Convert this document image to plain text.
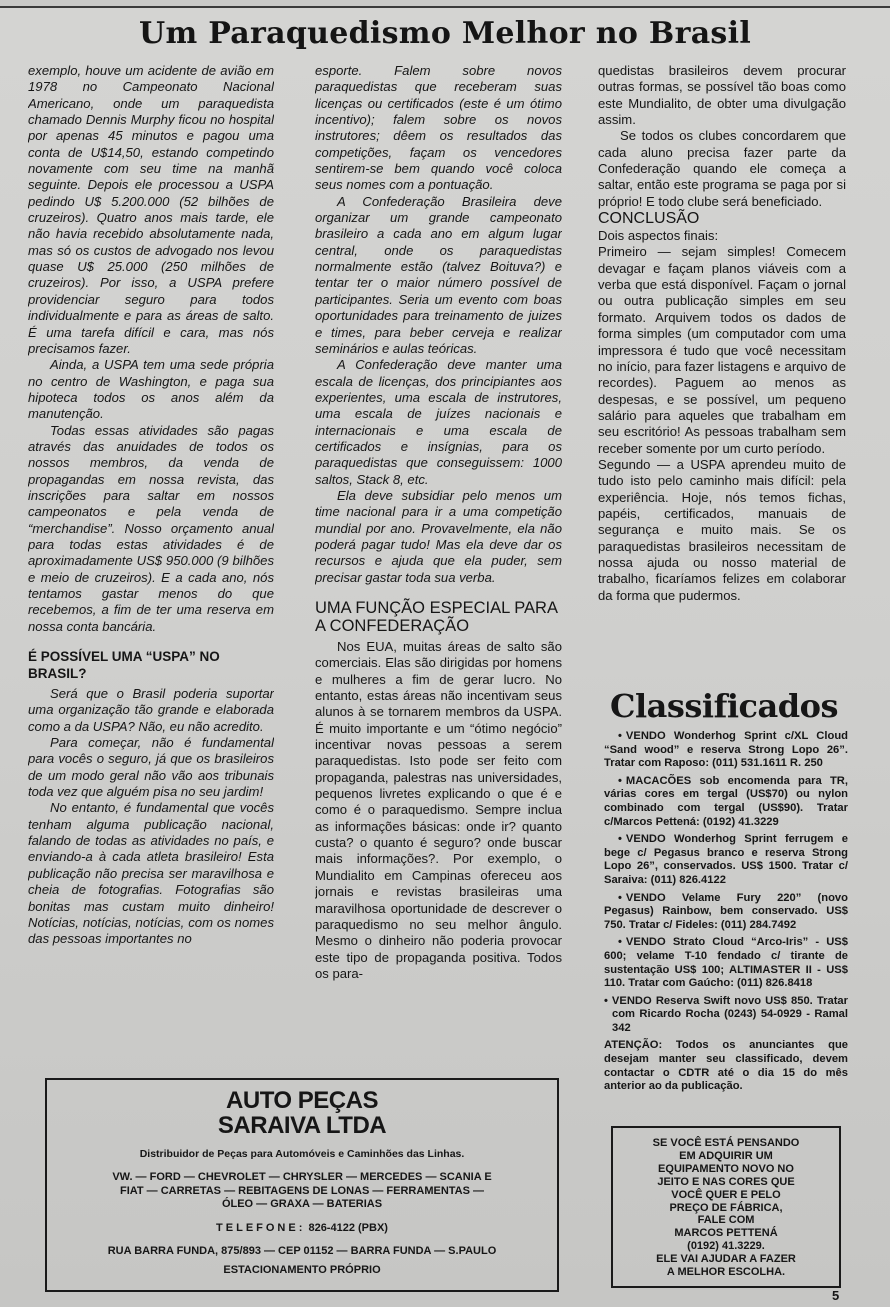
Um Paraquedismo Melhor no Brasil

exemplo, houve um acidente de avião em 1978 no Campeonato Nacional Americano, onde um paraquedista chamado Dennis Murphy ficou no hospital por apenas 45 minutos e pagou uma conta de U$14,50, estando competindo novamente com seu time na manhã seguinte. Depois ele processou a USPA pedindo U$ 5.200.000 (52 bilhões de cruzeiros). Quatro anos mais tarde, ele não havia recebido absolutamente nada, mas só os custos de advogado nos levou quase U$ 25.000 (250 milhões de cruzeiros). Por isso, a USPA prefere providenciar seguro para todos individualmente e para as áreas de salto. É uma tarefa difícil e cara, mas nós precisamos fazer.

Ainda, a USPA tem uma sede própria no centro de Washington, e paga sua hipoteca todos os anos além da manutenção.

Todas essas atividades são pagas através das anuidades de todos os nossos membros, da venda de propagandas em nossa revista, das inscrições para saltar em nossos campeonatos e pela venda de “merchandise”. Nosso orçamento anual para todas estas atividades é de aproximadamente US$ 950.000 (9 bilhões e meio de cruzeiros). E a cada ano, nós tentamos gastar menos do que recebemos, a fim de ter uma reserva em nossa conta bancária.

É POSSÍVEL UMA “USPA” NO BRASIL?

Será que o Brasil poderia suportar uma organização tão grande e elaborada como a da USPA? Não, eu não acredito.

Para começar, não é fundamental para vocês o seguro, já que os brasileiros de um modo geral não vão aos tribunais toda vez que alguém pisa no seu jardim!

No entanto, é fundamental que vocês tenham alguma publicação nacional, falando de todas as atividades no país, e enviando-a à cada atleta brasileiro! Esta publicação não precisa ser maravilhosa e cheia de fotografias. Fotografias são bonitas mas custam muito dinheiro! Notícias, notícias, notícias, com os nomes das pessoas importantes no

esporte. Falem sobre novos paraquedistas que receberam suas licenças ou certificados (este é um ótimo incentivo); falem sobre os novos instrutores; dêem os resultados das competições, façam os vencedores sentirem-se bem quando você coloca seus nomes com a pontuação.

A Confederação Brasileira deve organizar um grande campeonato brasileiro a cada ano em algum lugar central, onde os paraquedistas normalmente estão (talvez Boituva?) e tentar ter o maior número possível de participantes. Seria um evento com boas oportunidades para treinamento de juizes e times, para beber cerveja e realizar seminários e aulas teóricas.

A Confederação deve manter uma escala de licenças, dos principiantes aos experientes, uma escala de instrutores, uma escala de juízes nacionais e internacionais e uma escala de certificados e insígnias, para os paraquedistas que conseguissem: 1000 saltos, Stack 8, etc.

Ela deve subsidiar pelo menos um time nacional para ir a uma competição mundial por ano. Provavelmente, ela não poderá pagar tudo! Mas ela deve dar os recursos e ajuda que ela puder, sem precisar gastar toda sua verba.

UMA FUNÇÃO ESPECIAL PARA A CONFEDERAÇÃO

Nos EUA, muitas áreas de salto são comerciais. Elas são dirigidas por homens e mulheres a fim de gerar lucro. No entanto, estas áreas não incentivam seus alunos à se tornarem membros da USPA. É muito importante e um “ótimo negócio” incentivar novas pessoas a serem paraquedistas. Isto pode ser feito com propaganda, palestras nas universidades, pequenos livretes explicando o que é e como é o paraquedismo. Sempre inclua as informações básicas: onde ir? quanto custa? o quanto é seguro? onde buscar mais informações?. Por exemplo, o Mundialito em Campinas ofereceu aos jornais e revistas brasileiras uma maravilhosa oportunidade de descrever o paraquedismo no seu melhor ângulo. Mesmo o dinheiro não poderia provocar este tipo de propaganda positiva. Todos os para-

quedistas brasileiros devem procurar outras formas, se possível tão boas como este Mundialito, de obter uma divulgação assim.

Se todos os clubes concordarem que cada aluno precisa fazer parte da Confederação quando ele começa a saltar, então este programa se paga por si próprio! E todo clube será beneficiado.

CONCLUSÃO

Dois aspectos finais:

Primeiro — sejam simples! Comecem devagar e façam planos viáveis com a verba que está disponível. Façam o jornal ou outra publicação simples em seu formato. Arquivem todos os dados de forma simples (um computador com uma impressora é tudo que você necessitam no início, para fazer listagens e arquivo de recordes). Paguem ao menos as despesas, e se possível, um pequeno salário para aqueles que trabalham em seu escritório! As pessoas trabalham sem receber somente por um curto período.

Segundo — a USPA aprendeu muito de tudo isto pelo caminho mais difícil: pela experiência. Hoje, nós temos fichas, papéis, certificados, manuais de segurança e muito mais. Se os paraquedistas brasileiros necessitam de nossa ajuda ou nosso material de trabalho, ficaríamos felizes em colaborar da forma que pudermos.

Classificados

• VENDO Wonderhog Sprint c/XL Cloud “Sand wood” e reserva Strong Lopo 26”. Tratar com Raposo: (011) 531.1611 R. 250

• MACACÕES sob encomenda para TR, várias cores em tergal (US$70) ou nylon combinado com tergal (US$90). Tratar c/Marcos Pettená: (0192) 41.3229

• VENDO Wonderhog Sprint ferrugem e bege c/ Pegasus branco e reserva Strong Lopo 26”, conservados. US$ 1500. Tratar c/ Saraiva: (011) 826.4122

• VENDO Velame Fury 220” (novo Pegasus) Rainbow, bem conservado. US$ 750. Tratar c/ Fideles: (011) 284.7492

• VENDO Strato Cloud “Arco-Iris” - US$ 600; velame T-10 fendado c/ tirante de sustentação US$ 100; ALTIMASTER II - US$ 110. Tratar com Gaúcho: (011) 826.8418

• VENDO Reserva Swift novo US$ 850. Tratar com Ricardo Rocha (0243) 54-0929 - Ramal 342

ATENÇÃO: Todos os anunciantes que desejam manter seu classificado, devem contactar o CDTR até o dia 15 do mês anterior ao da publicação.

SE VOCÊ ESTÁ PENSANDO
EM ADQUIRIR UM
EQUIPAMENTO NOVO NO
JEITO E NAS CORES QUE
VOCÊ QUER E PELO
PREÇO DE FÁBRICA,
FALE COM
MARCOS PETTENÁ
(0192) 41.3229.
ELE VAI AJUDAR A FAZER
A MELHOR ESCOLHA.
5
AUTO PEÇAS
SARAIVA LTDA
Distribuidor de Peças para Automóveis e Caminhões das Linhas.
VW. — FORD — CHEVROLET — CHRYSLER — MERCEDES — SCANIA E
FIAT — CARRETAS — REBITAGENS DE LONAS — FERRAMENTAS —
ÓLEO — GRAXA — BATERIAS
TELEFONE: 826-4122 (PBX)
RUA BARRA FUNDA, 875/893 — CEP 01152 — BARRA FUNDA — S.PAULO
ESTACIONAMENTO PRÓPRIO
